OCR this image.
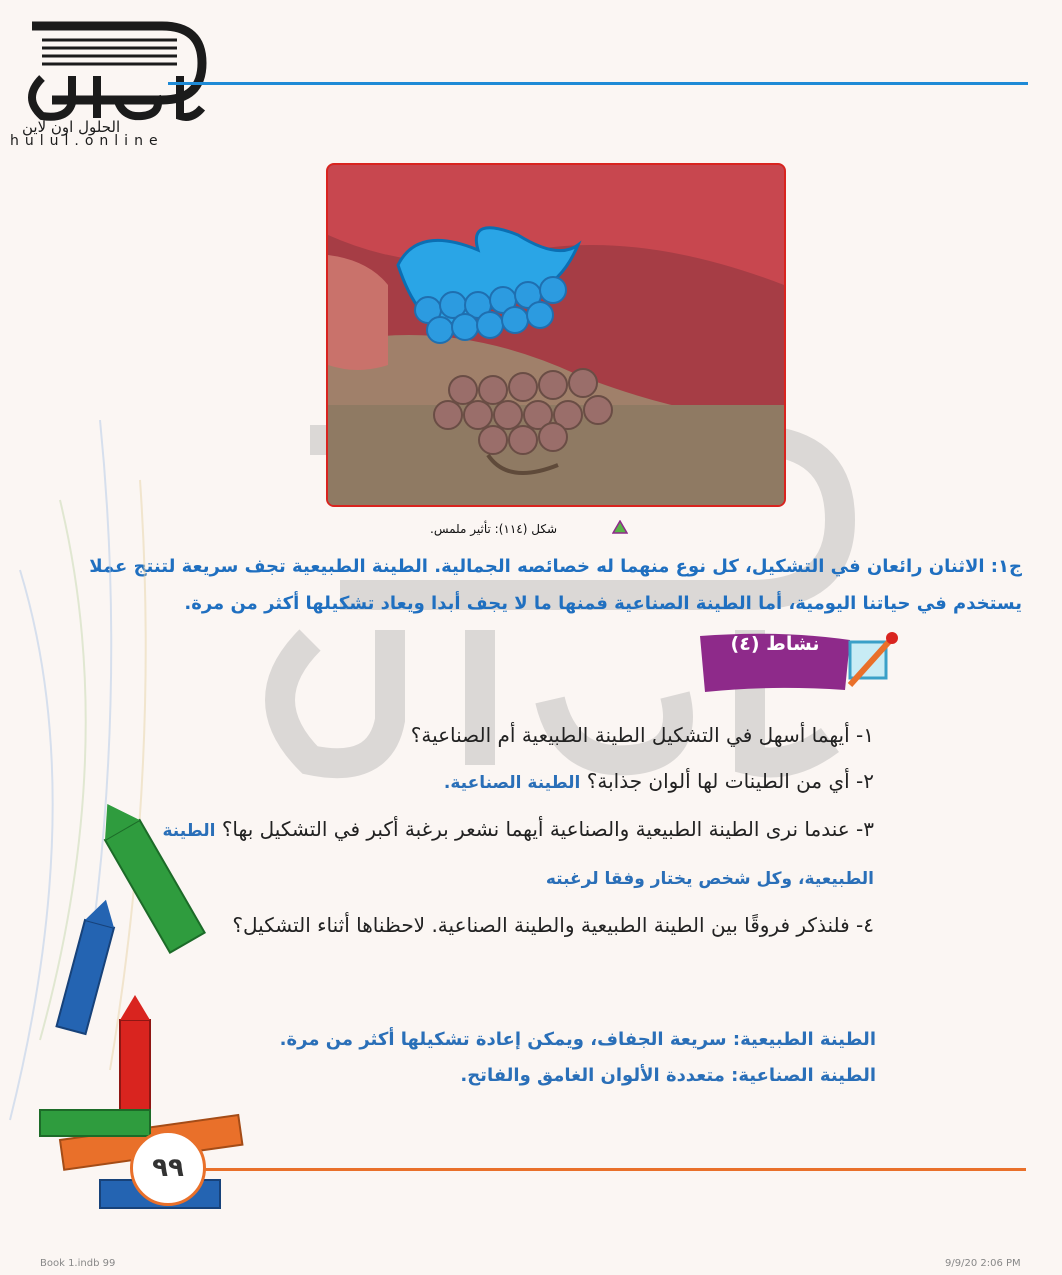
الحلول اون لاين
hulul.online
شكل (١١٤): تأثير ملمس.
ج١: الاثنان رائعان في التشكيل، كل نوع منهما له خصائصه الجمالية. الطينة الطبيعية تجف سريعة لتنتج عملا يستخدم في حياتنا اليومية، أما الطينة الصناعية فمنها ما لا يجف أبدا ويعاد تشكيلها أكثر من مرة.
نشاط (٤)
١- أيهما أسهل في التشكيل الطينة الطبيعية أم الصناعية؟
٢- أي من الطينات لها ألوان جذابة؟ الطينة الصناعية.
٣- عندما نرى الطينة الطبيعية والصناعية أيهما نشعر برغبة أكبر في التشكيل بها؟ الطينة الطبيعية، وكل شخص يختار وفقا لرغبته
٤- فلنذكر فروقًا بين الطينة الطبيعية والطينة الصناعية. لاحظناها أثناء التشكيل؟
الطينة الطبيعية: سريعة الجفاف، ويمكن إعادة تشكيلها أكثر من مرة.
الطينة الصناعية: متعددة الألوان الغامق والفاتح.
٩٩
Book 1.indb 99	9/9/20 2:06 PM
